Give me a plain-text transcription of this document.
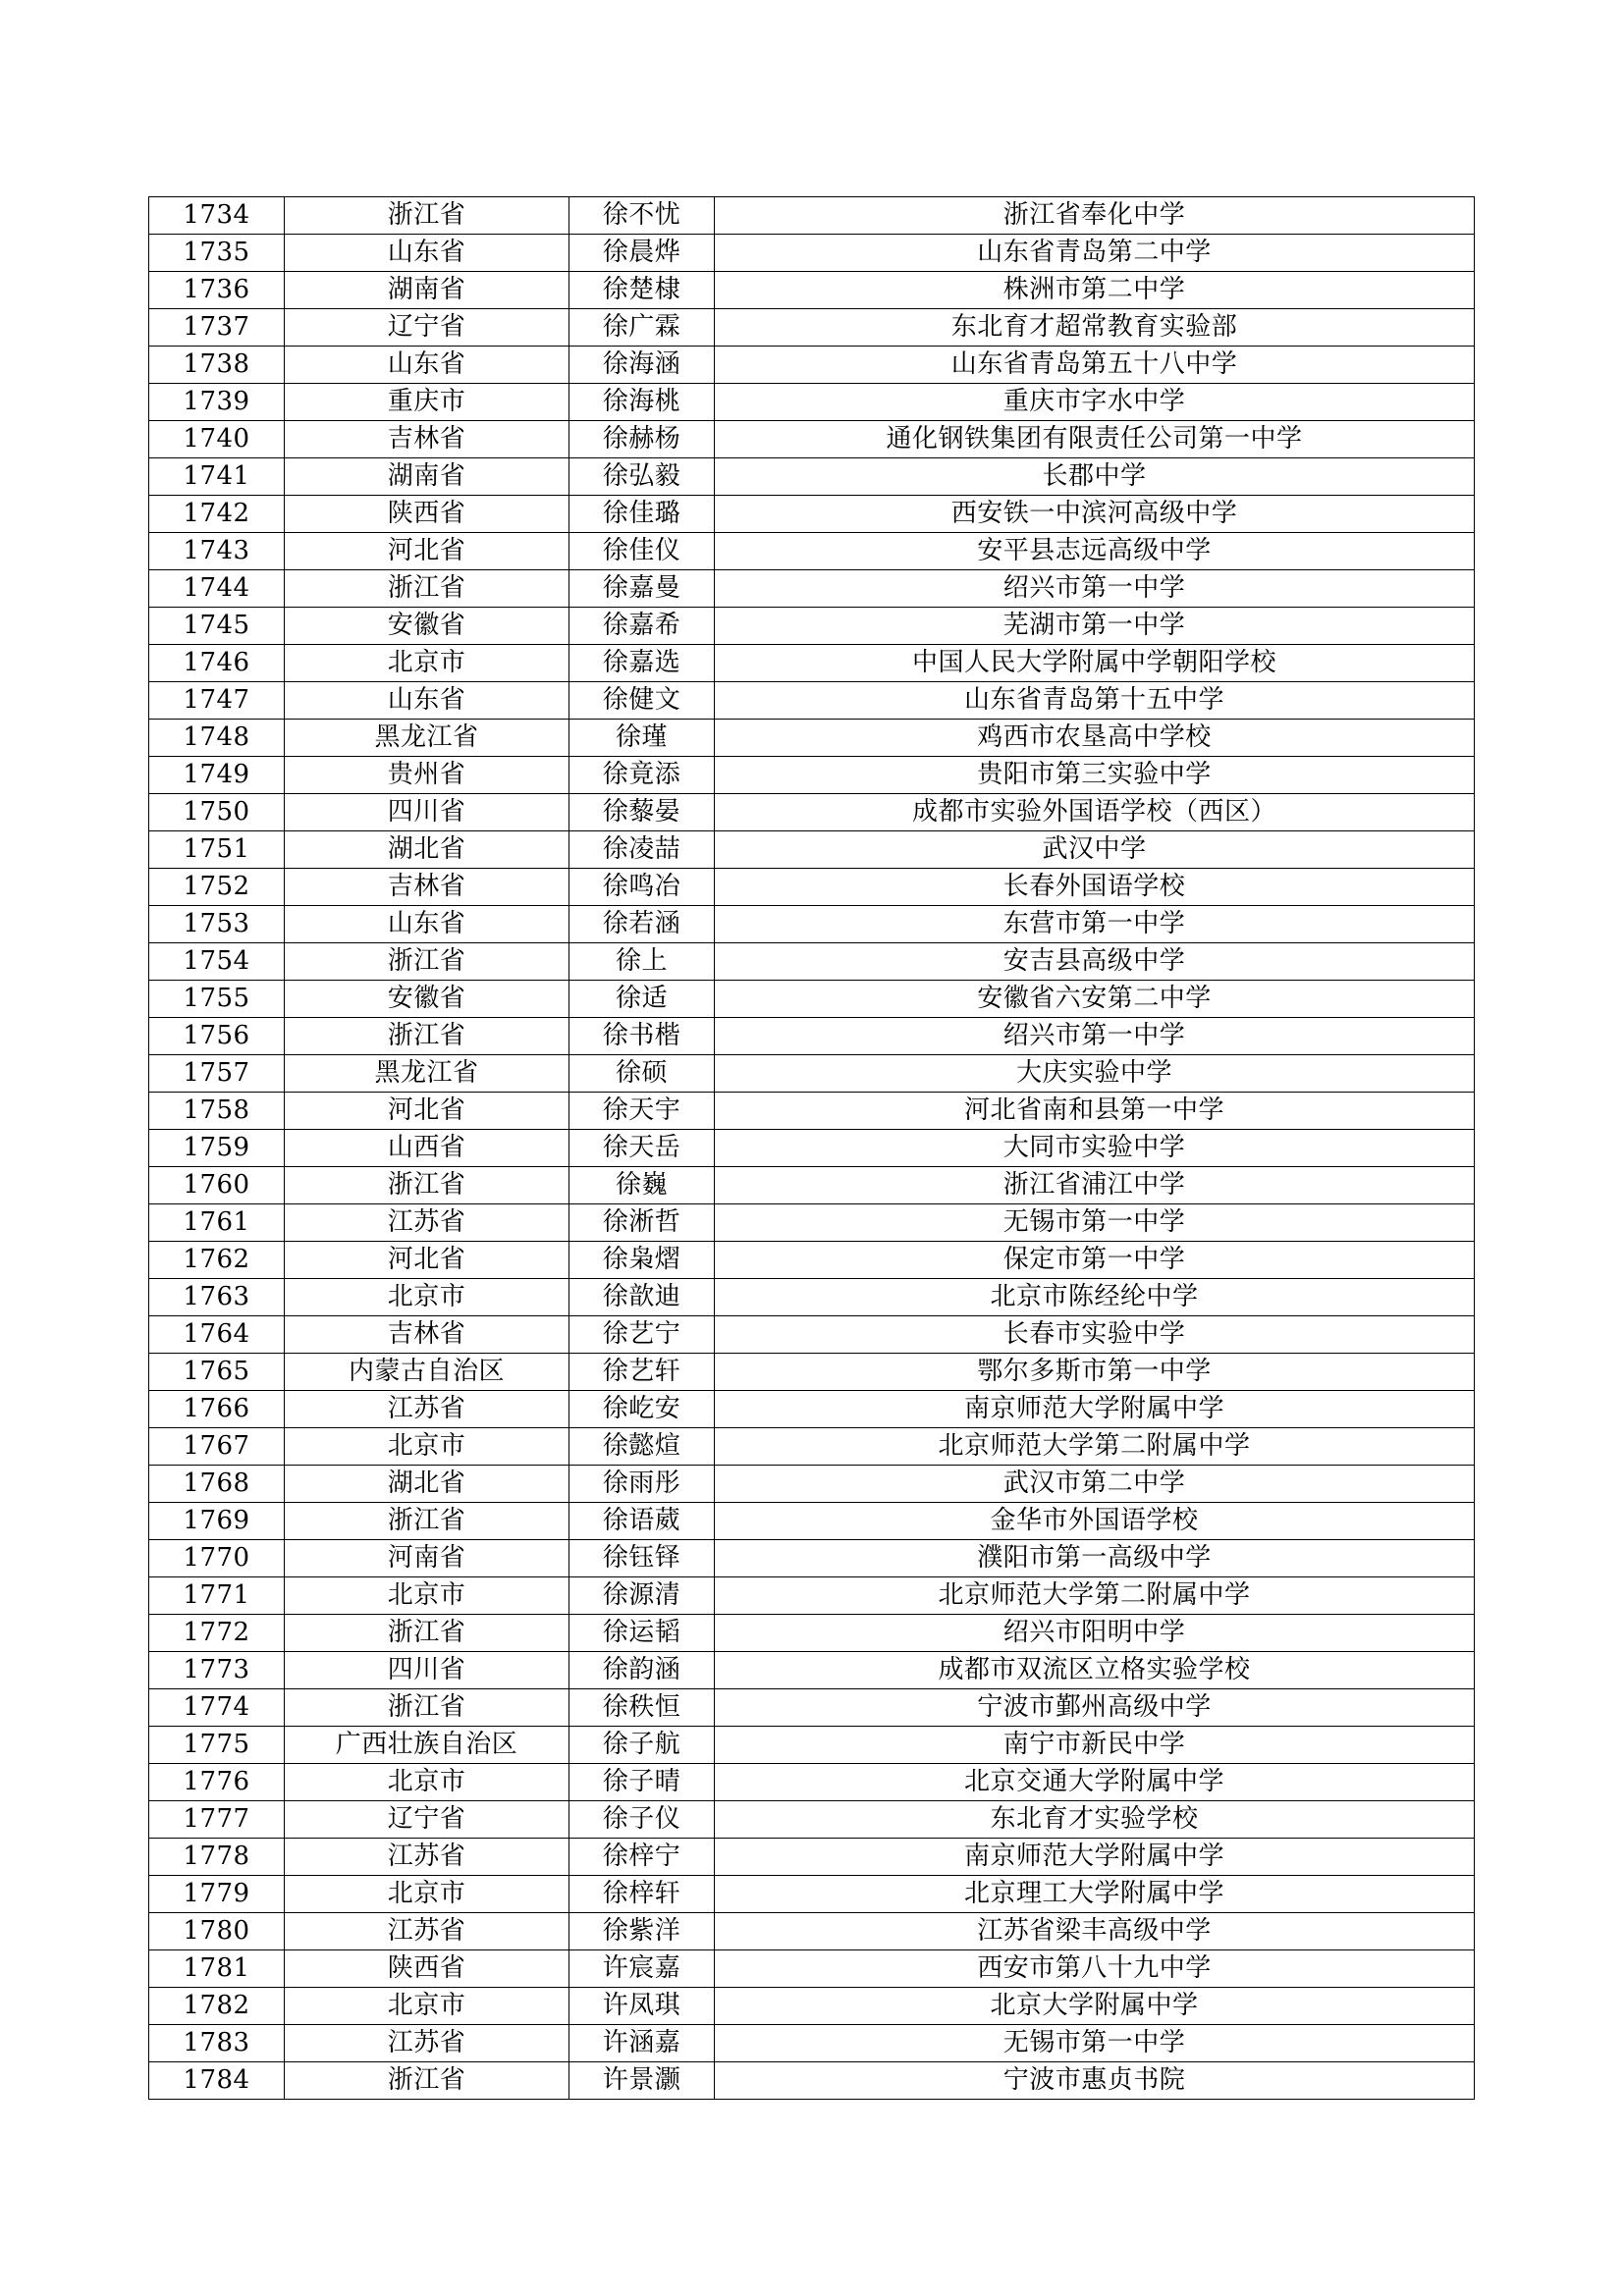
1734	浙江省	徐不忧	浙江省奉化中学
1735	山东省	徐晨烨	山东省青岛第二中学
1736	湖南省	徐楚棣	株洲市第二中学
1737	辽宁省	徐广霖	东北育才超常教育实验部
1738	山东省	徐海涵	山东省青岛第五十八中学
1739	重庆市	徐海桃	重庆市字水中学
1740	吉林省	徐赫杨	通化钢铁集团有限责任公司第一中学
1741	湖南省	徐弘毅	长郡中学
1742	陕西省	徐佳璐	西安铁一中滨河高级中学
1743	河北省	徐佳仪	安平县志远高级中学
1744	浙江省	徐嘉曼	绍兴市第一中学
1745	安徽省	徐嘉希	芜湖市第一中学
1746	北京市	徐嘉选	中国人民大学附属中学朝阳学校
1747	山东省	徐健文	山东省青岛第十五中学
1748	黑龙江省	徐瑾	鸡西市农垦高中学校
1749	贵州省	徐竟添	贵阳市第三实验中学
1750	四川省	徐藜晏	成都市实验外国语学校（西区）
1751	湖北省	徐凌喆	武汉中学
1752	吉林省	徐鸣冶	长春外国语学校
1753	山东省	徐若涵	东营市第一中学
1754	浙江省	徐上	安吉县高级中学
1755	安徽省	徐适	安徽省六安第二中学
1756	浙江省	徐书楷	绍兴市第一中学
1757	黑龙江省	徐硕	大庆实验中学
1758	河北省	徐天宇	河北省南和县第一中学
1759	山西省	徐天岳	大同市实验中学
1760	浙江省	徐巍	浙江省浦江中学
1761	江苏省	徐淅哲	无锡市第一中学
1762	河北省	徐枭熠	保定市第一中学
1763	北京市	徐歆迪	北京市陈经纶中学
1764	吉林省	徐艺宁	长春市实验中学
1765	内蒙古自治区	徐艺轩	鄂尔多斯市第一中学
1766	江苏省	徐屹安	南京师范大学附属中学
1767	北京市	徐懿煊	北京师范大学第二附属中学
1768	湖北省	徐雨彤	武汉市第二中学
1769	浙江省	徐语葳	金华市外国语学校
1770	河南省	徐钰铎	濮阳市第一高级中学
1771	北京市	徐源清	北京师范大学第二附属中学
1772	浙江省	徐运韬	绍兴市阳明中学
1773	四川省	徐韵涵	成都市双流区立格实验学校
1774	浙江省	徐秩恒	宁波市鄞州高级中学
1775	广西壮族自治区	徐子航	南宁市新民中学
1776	北京市	徐子晴	北京交通大学附属中学
1777	辽宁省	徐子仪	东北育才实验学校
1778	江苏省	徐梓宁	南京师范大学附属中学
1779	北京市	徐梓轩	北京理工大学附属中学
1780	江苏省	徐紫洋	江苏省梁丰高级中学
1781	陕西省	许宸嘉	西安市第八十九中学
1782	北京市	许凤琪	北京大学附属中学
1783	江苏省	许涵嘉	无锡市第一中学
1784	浙江省	许景灏	宁波市惠贞书院
